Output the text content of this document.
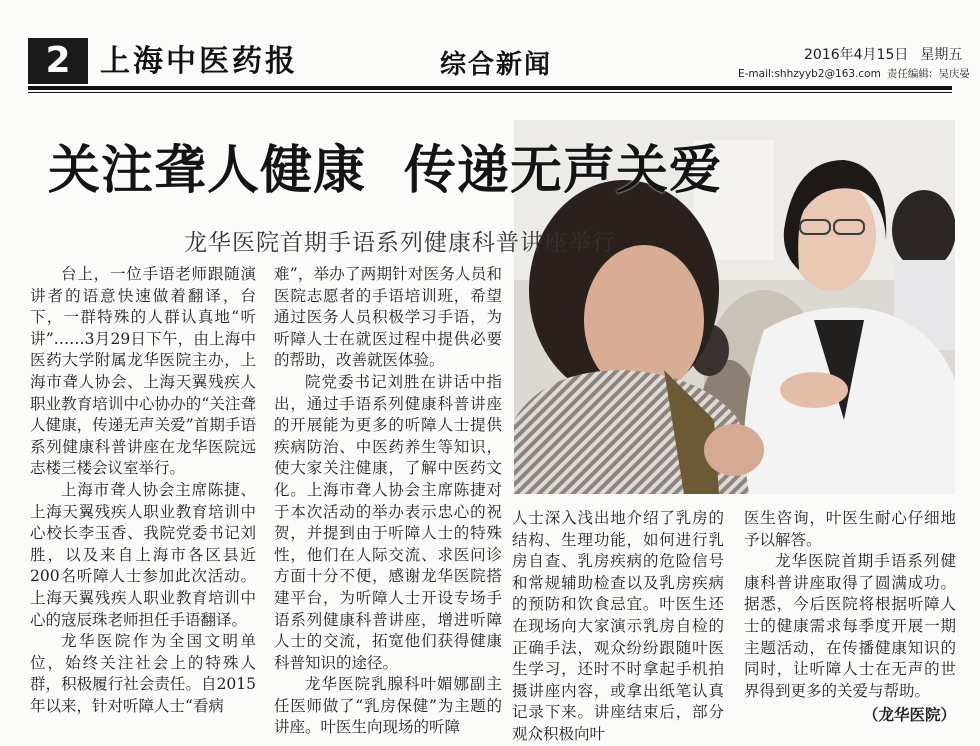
2 上海中医药报	综合新闻	2016年4月15日 星期五
E-mail:shhzyyb2@163.com 责任编辑: 吴庆晏
关注聋人健康 传递无声关爱
龙华医院首期手语系列健康科普讲座举行

台上，一位手语老师跟随演讲者的语意快速做着翻译，台下，一群特殊的人群认真地“听讲”……3月29日下午，由上海中医药大学附属龙华医院主办，上海市聋人协会、上海天翼残疾人职业教育培训中心协办的“关注聋人健康，传递无声关爱”首期手语系列健康科普讲座在龙华医院远志楼三楼会议室举行。

上海市聋人协会主席陈捷、上海天翼残疾人职业教育培训中心校长李玉香、我院党委书记刘胜，以及来自上海市各区县近200名听障人士参加此次活动。上海天翼残疾人职业教育培训中心的寇辰珠老师担任手语翻译。

龙华医院作为全国文明单位，始终关注社会上的特殊人群，积极履行社会责任。自2015年以来，针对听障人士“看病

难”，举办了两期针对医务人员和医院志愿者的手语培训班，希望通过医务人员积极学习手语，为听障人士在就医过程中提供必要的帮助，改善就医体验。

院党委书记刘胜在讲话中指出，通过手语系列健康科普讲座的开展能为更多的听障人士提供疾病防治、中医药养生等知识，使大家关注健康，了解中医药文化。上海市聋人协会主席陈捷对于本次活动的举办表示忠心的祝贺，并提到由于听障人士的特殊性，他们在人际交流、求医问诊方面十分不便，感谢龙华医院搭建平台，为听障人士开设专场手语系列健康科普讲座，增进听障人士的交流，拓宽他们获得健康科普知识的途径。

龙华医院乳腺科叶媚娜副主任医师做了“乳房保健”为主题的讲座。叶医生向现场的听障

人士深入浅出地介绍了乳房的结构、生理功能，如何进行乳房自查、乳房疾病的危险信号和常规辅助检查以及乳房疾病的预防和饮食忌宜。叶医生还在现场向大家演示乳房自检的正确手法，观众纷纷跟随叶医生学习，还时不时拿起手机拍摄讲座内容，或拿出纸笔认真记录下来。讲座结束后，部分观众积极向叶

医生咨询，叶医生耐心仔细地予以解答。

龙华医院首期手语系列健康科普讲座取得了圆满成功。据悉，今后医院将根据听障人士的健康需求每季度开展一期主题活动，在传播健康知识的同时，让听障人士在无声的世界得到更多的关爱与帮助。

（龙华医院）
